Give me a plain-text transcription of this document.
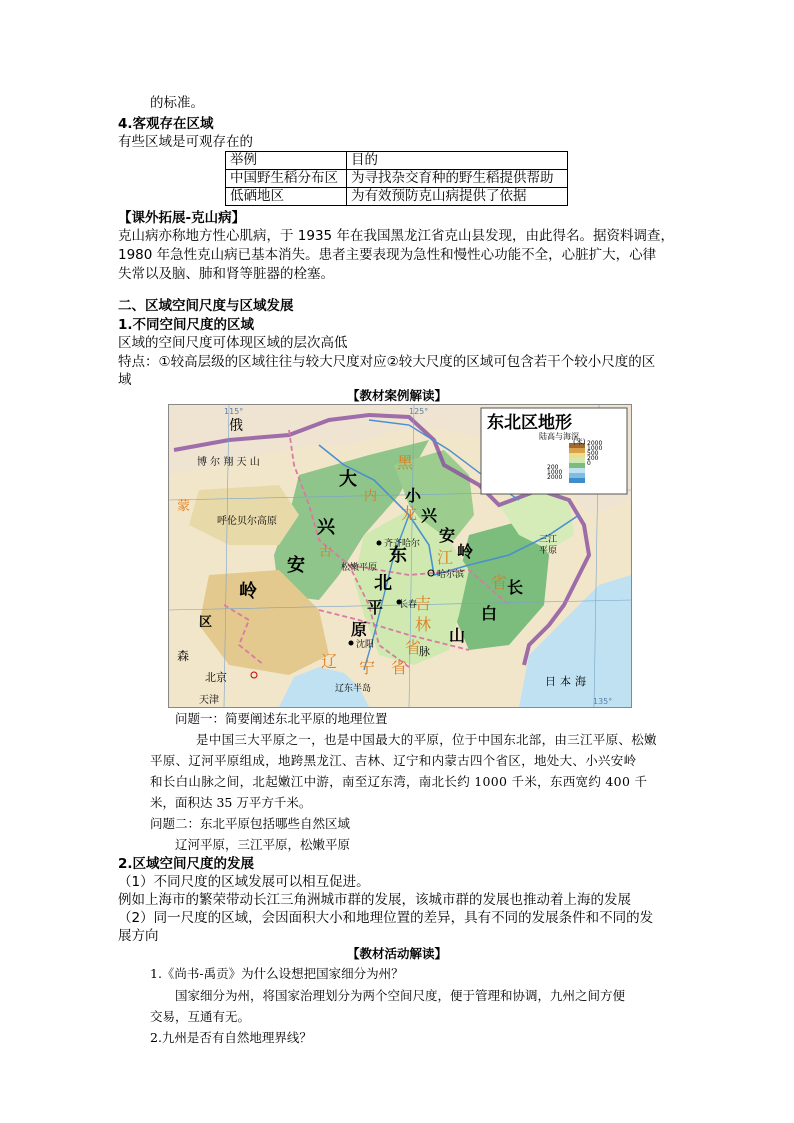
的标准。
4.客观存在区域
有些区域是可观存在的
举例	目的
中国野生稻分布区	为寻找杂交育种的野生稻提供帮助
低硒地区	为有效预防克山病提供了依据
【课外拓展-克山病】
克山病亦称地方性心肌病，于 1935 年在我国黑龙江省克山县发现，由此得名。据资料调查，
1980 年急性克山病已基本消失。患者主要表现为急性和慢性心功能不全，心脏扩大，心律
失常以及脑、肺和肾等脏器的栓塞。
二、区域空间尺度与区域发展
1.不同空间尺度的区域
区域的空间尺度可体现区域的层次高低
特点：①较高层级的区域往往与较大尺度对应②较大尺度的区域可包含若干个较小尺度的区
域
【教材案例解读】
东北区地形
陆高与海深
(米) 2000
1000
500
200
0
200
1000
2000
俄
博 尔 翔 天 山
大
内
黑
小
龙 兴
安
呼伦贝尔高原 兴
古	东 江 岭
安
齐齐哈尔
北
松嫩平原
哈尔滨
三江平原
省 长
岭
平 长春
吉
白
原	林
山
省
沈阳	脉
辽 宁 省
辽东半岛
北京
天津
日本海
蒙
区
森
115°	125°
135°
问题一：简要阐述东北平原的地理位置
是中国三大平原之一，也是中国最大的平原，位于中国东北部，由三江平原、松嫩
平原、辽河平原组成，地跨黑龙江、吉林、辽宁和内蒙古四个省区，地处大、小兴安岭
和长白山脉之间，北起嫩江中游，南至辽东湾，南北长约 1000 千米，东西宽约 400 千
米，面积达 35 万平方千米。
问题二：东北平原包括哪些自然区域
辽河平原，三江平原，松嫩平原
2.区域空间尺度的发展
（1）不同尺度的区域发展可以相互促进。
例如上海市的繁荣带动长江三角洲城市群的发展，该城市群的发展也推动着上海的发展
（2）同一尺度的区域，会因面积大小和地理位置的差异，具有不同的发展条件和不同的发
展方向
【教材活动解读】
1.《尚书-禹贡》为什么设想把国家细分为州？
国家细分为州，将国家治理划分为两个空间尺度，便于管理和协调，九州之间方便
交易，互通有无。
2.九州是否有自然地理界线？
